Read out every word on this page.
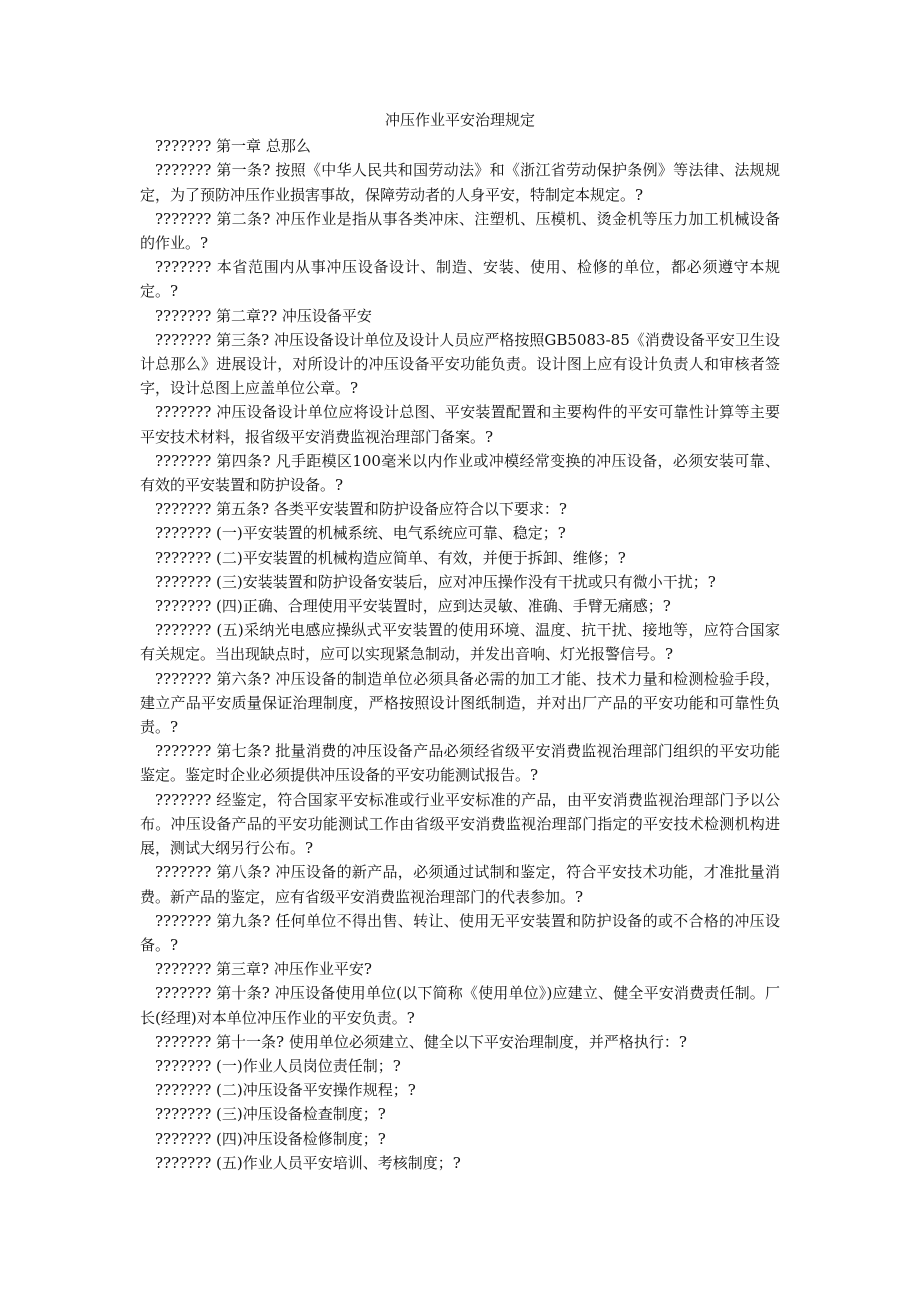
冲压作业平安治理规定

??????? 第一章 总那么

??????? 第一条? 按照《中华人民共和国劳动法》和《浙江省劳动保护条例》等法律、法规规定，为了预防冲压作业损害事故，保障劳动者的人身平安，特制定本规定。?

??????? 第二条? 冲压作业是指从事各类冲床、注塑机、压模机、烫金机等压力加工机械设备的作业。?

??????? 本省范围内从事冲压设备设计、制造、安装、使用、检修的单位，都必须遵守本规定。?

??????? 第二章?? 冲压设备平安

??????? 第三条? 冲压设备设计单位及设计人员应严格按照GB5083-85《消费设备平安卫生设计总那么》进展设计，对所设计的冲压设备平安功能负责。设计图上应有设计负责人和审核者签字，设计总图上应盖单位公章。?

??????? 冲压设备设计单位应将设计总图、平安装置配置和主要构件的平安可靠性计算等主要平安技术材料，报省级平安消费监视治理部门备案。?

??????? 第四条? 凡手距模区100毫米以内作业或冲模经常变换的冲压设备，必须安装可靠、有效的平安装置和防护设备。?

??????? 第五条? 各类平安装置和防护设备应符合以下要求：?

??????? (一)平安装置的机械系统、电气系统应可靠、稳定；?

??????? (二)平安装置的机械构造应简单、有效，并便于拆卸、维修；?

??????? (三)安装装置和防护设备安装后，应对冲压操作没有干扰或只有微小干扰；?

??????? (四)正确、合理使用平安装置时，应到达灵敏、准确、手臂无痛感；?

??????? (五)采纳光电感应操纵式平安装置的使用环境、温度、抗干扰、接地等，应符合国家有关规定。当出现缺点时，应可以实现紧急制动，并发出音响、灯光报警信号。?

??????? 第六条? 冲压设备的制造单位必须具备必需的加工才能、技术力量和检测检验手段，建立产品平安质量保证治理制度，严格按照设计图纸制造，并对出厂产品的平安功能和可靠性负责。?

??????? 第七条? 批量消费的冲压设备产品必须经省级平安消费监视治理部门组织的平安功能鉴定。鉴定时企业必须提供冲压设备的平安功能测试报告。?

??????? 经鉴定，符合国家平安标准或行业平安标准的产品，由平安消费监视治理部门予以公布。冲压设备产品的平安功能测试工作由省级平安消费监视治理部门指定的平安技术检测机构进展，测试大纲另行公布。?

??????? 第八条? 冲压设备的新产品，必须通过试制和鉴定，符合平安技术功能，才准批量消费。新产品的鉴定，应有省级平安消费监视治理部门的代表参加。?

??????? 第九条? 任何单位不得出售、转让、使用无平安装置和防护设备的或不合格的冲压设备。?

??????? 第三章? 冲压作业平安?

??????? 第十条? 冲压设备使用单位(以下简称《使用单位》)应建立、健全平安消费责任制。厂长(经理)对本单位冲压作业的平安负责。?

??????? 第十一条? 使用单位必须建立、健全以下平安治理制度，并严格执行：?

??????? (一)作业人员岗位责任制；?

??????? (二)冲压设备平安操作规程；?

??????? (三)冲压设备检查制度；?

??????? (四)冲压设备检修制度；?

??????? (五)作业人员平安培训、考核制度；?
